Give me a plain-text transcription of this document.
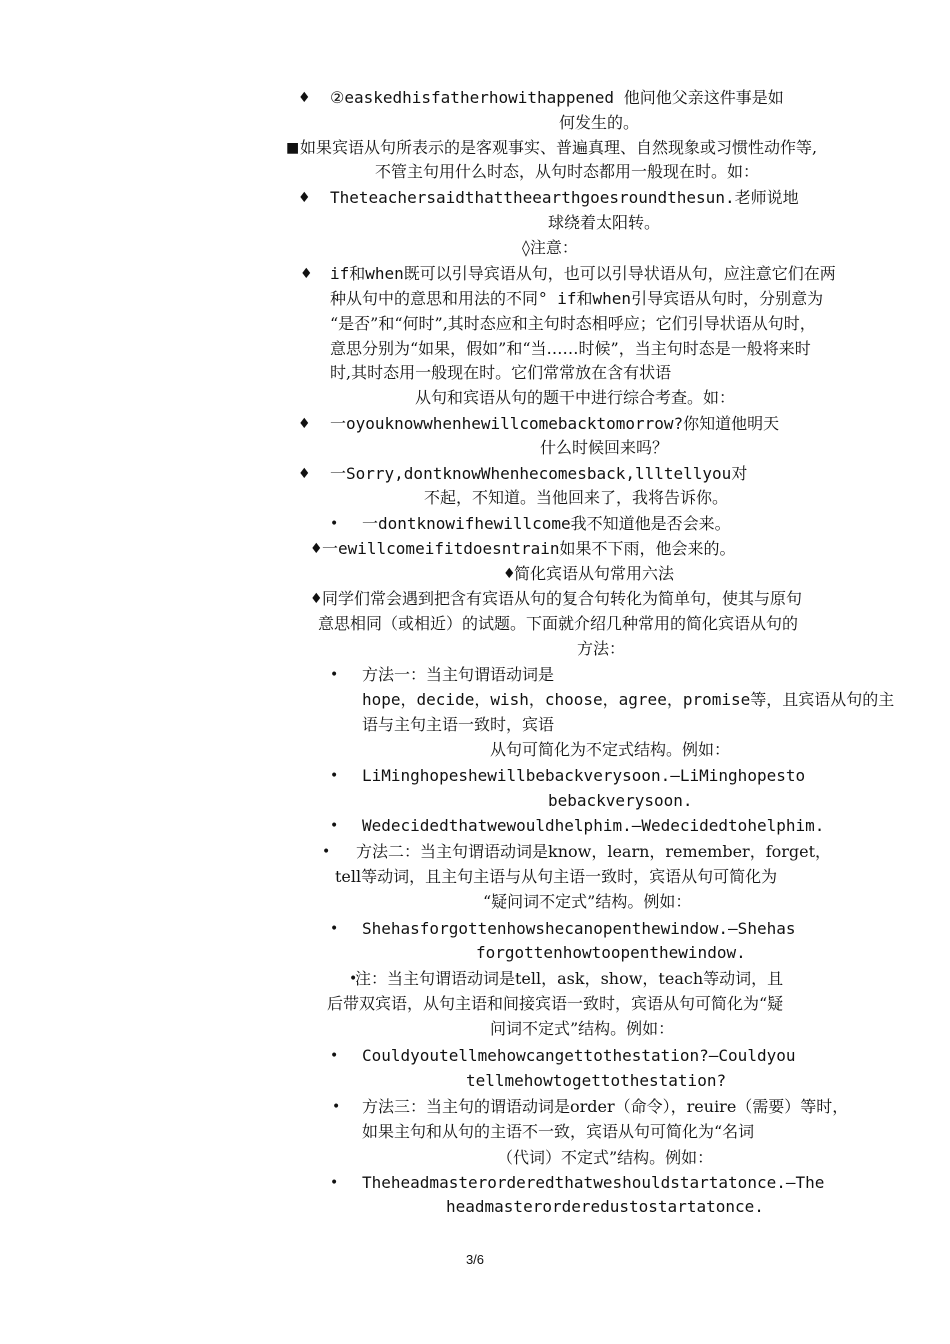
♦ ②easkedhisfatherhowithappened 他问他父亲这件事是如
何发生的。
■ 如果宾语从句所表示的是客观事实、普遍真理、自然现象或习惯性动作等,
不管主句用什么时态，从句时态都用一般现在时。如：
♦ Theteachersaidthattheearthgoesroundthesun.老师说地
球绕着太阳转。
◊注意：
♦ if和when既可以引导宾语从句，也可以引导状语从句，应注意它们在两
种从句中的意思和用法的不同° if和when引导宾语从句时，分别意为
“是否”和“何时”,其时态应和主句时态相呼应；它们引导状语从句时，
意思分别为“如果，假如”和“当……时候”，当主句时态是一般将来时
时,其时态用一般现在时。它们常常放在含有状语
从句和宾语从句的题干中进行综合考查。如：
♦ 一oyouknowwhenhewillcomebacktomorrow?你知道他明天
什么时候回来吗？
♦ 一Sorry,dontknowWhenhecomesback,llltellyou对
不起，不知道。当他回来了，我将告诉你。
• 一dontknowifhewillcome我不知道他是否会来。
♦ 一ewillcomeifitdoesntrain如果不下雨，他会来的。
♦
简化宾语从句常用六法
♦ 同学们常会遇到把含有宾语从句的复合句转化为简单句，使其与原句
意思相同（或相近）的试题。下面就介绍几种常用的简化宾语从句的
方法：
• 方法一：当主句谓语动词是
hope，decide，wish，choose，agree，promise等，且宾语从句的主
语与主句主语一致时，宾语
从句可简化为不定式结构。例如：
• LiMinghopeshewillbebackverysoon.—LiMinghopesto
bebackverysoon.
• Wedecidedthatwewouldhelphim.—Wedecidedtohelphim.
• 方法二：当主句谓语动词是know，learn，remember，forget，
tell等动词，且主句主语与从句主语一致时，宾语从句可简化为
“疑问词不定式”结构。例如：
• Shehasforgottenhowshecanopenthewindow.—Shehas
forgottenhowtoopenthewindow.
•
注：当主句谓语动词是tell，ask，show，teach等动词，且
后带双宾语，从句主语和间接宾语一致时，宾语从句可简化为“疑
问词不定式”结构。例如：
• Couldyoutellmehowcangettothestation?—Couldyou
tellmehowtogettothestation?
• 方法三：当主句的谓语动词是order（命令），reuire（需要）等时，
如果主句和从句的主语不一致，宾语从句可简化为“名词
（代词）不定式”结构。例如：
• Theheadmasterorderedthatweshouldstartatonce.—The
headmasterorderedustostartatonce.
3/6
